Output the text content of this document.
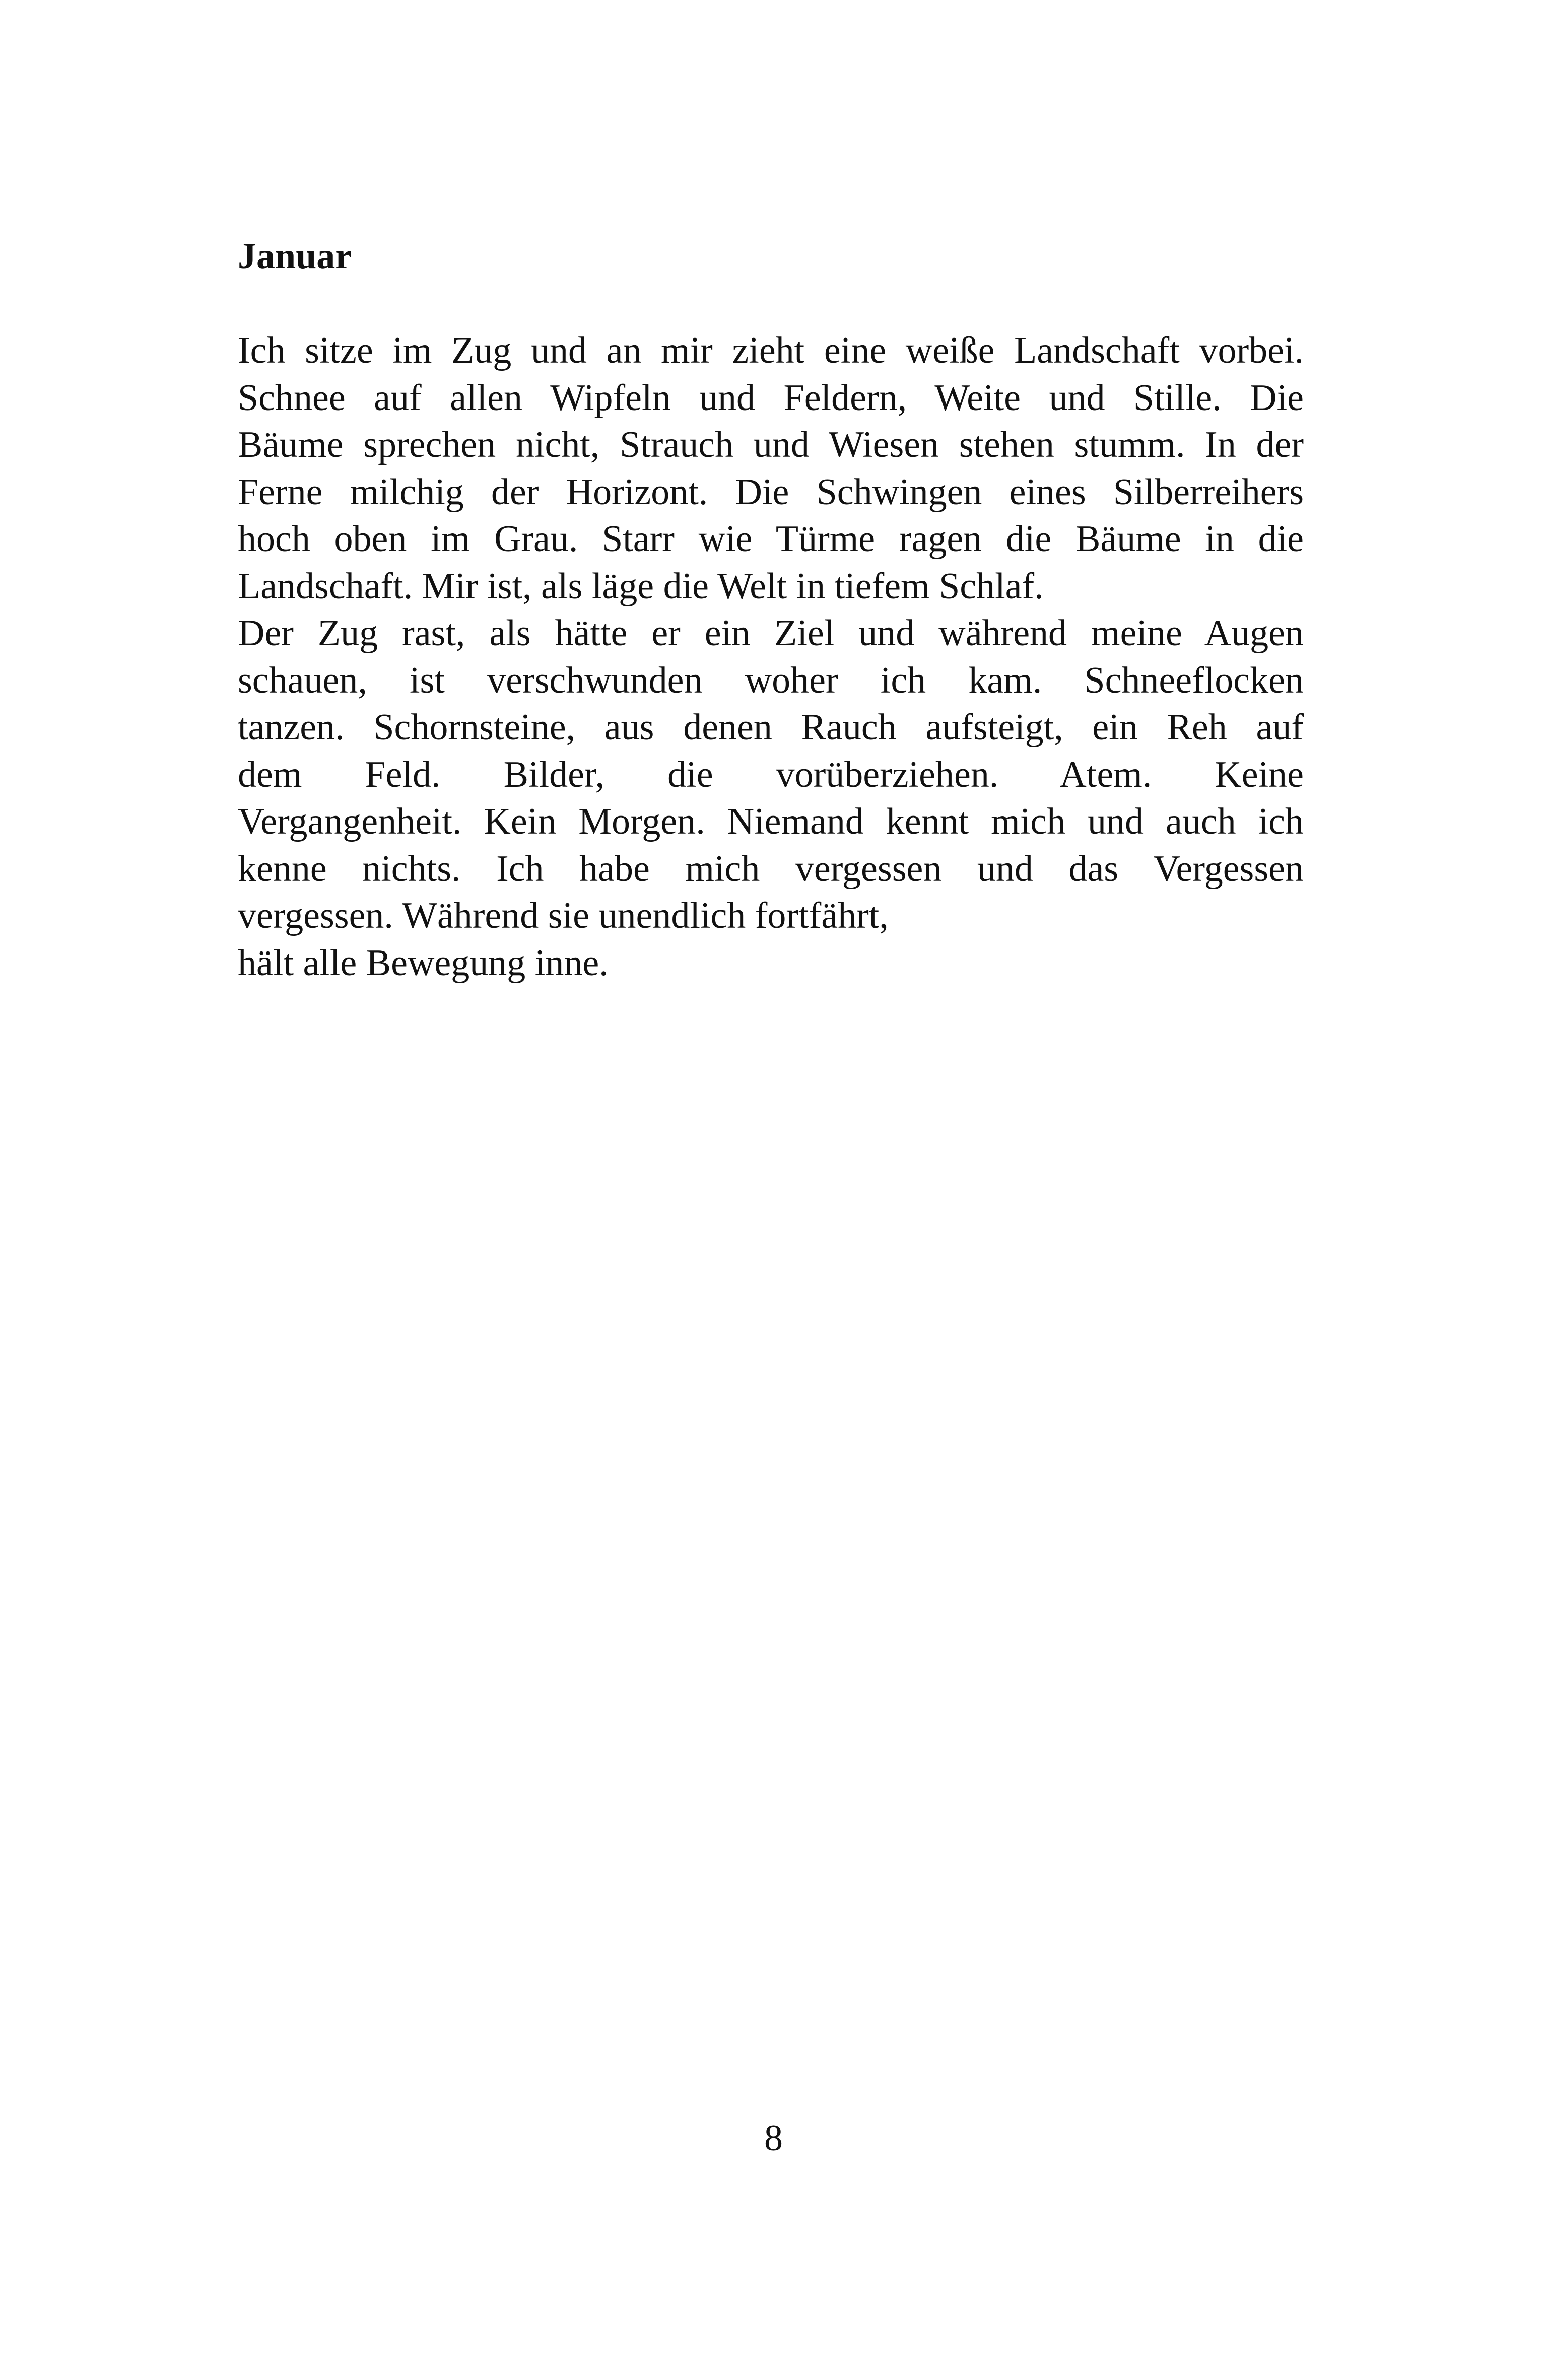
Januar
Ich sitze im Zug und an mir zieht eine weiße Landschaft vorbei.
Schnee auf allen Wipfeln und Feldern, Weite und Stille. Die
Bäume sprechen nicht, Strauch und Wiesen stehen stumm. In der
Ferne milchig der Horizont. Die Schwingen eines Silberreihers
hoch oben im Grau. Starr wie Türme ragen die Bäume in die
Landschaft. Mir ist, als läge die Welt in tiefem Schlaf.
Der Zug rast, als hätte er ein Ziel und während meine Augen
schauen, ist verschwunden woher ich kam. Schneeflocken
tanzen. Schornsteine, aus denen Rauch aufsteigt, ein Reh auf
dem Feld. Bilder, die vorüberziehen. Atem. Keine
Vergangenheit. Kein Morgen. Niemand kennt mich und auch ich
kenne nichts. Ich habe mich vergessen und das Vergessen
vergessen. Während sie unendlich fortfährt,
hält alle Bewegung inne.
8
